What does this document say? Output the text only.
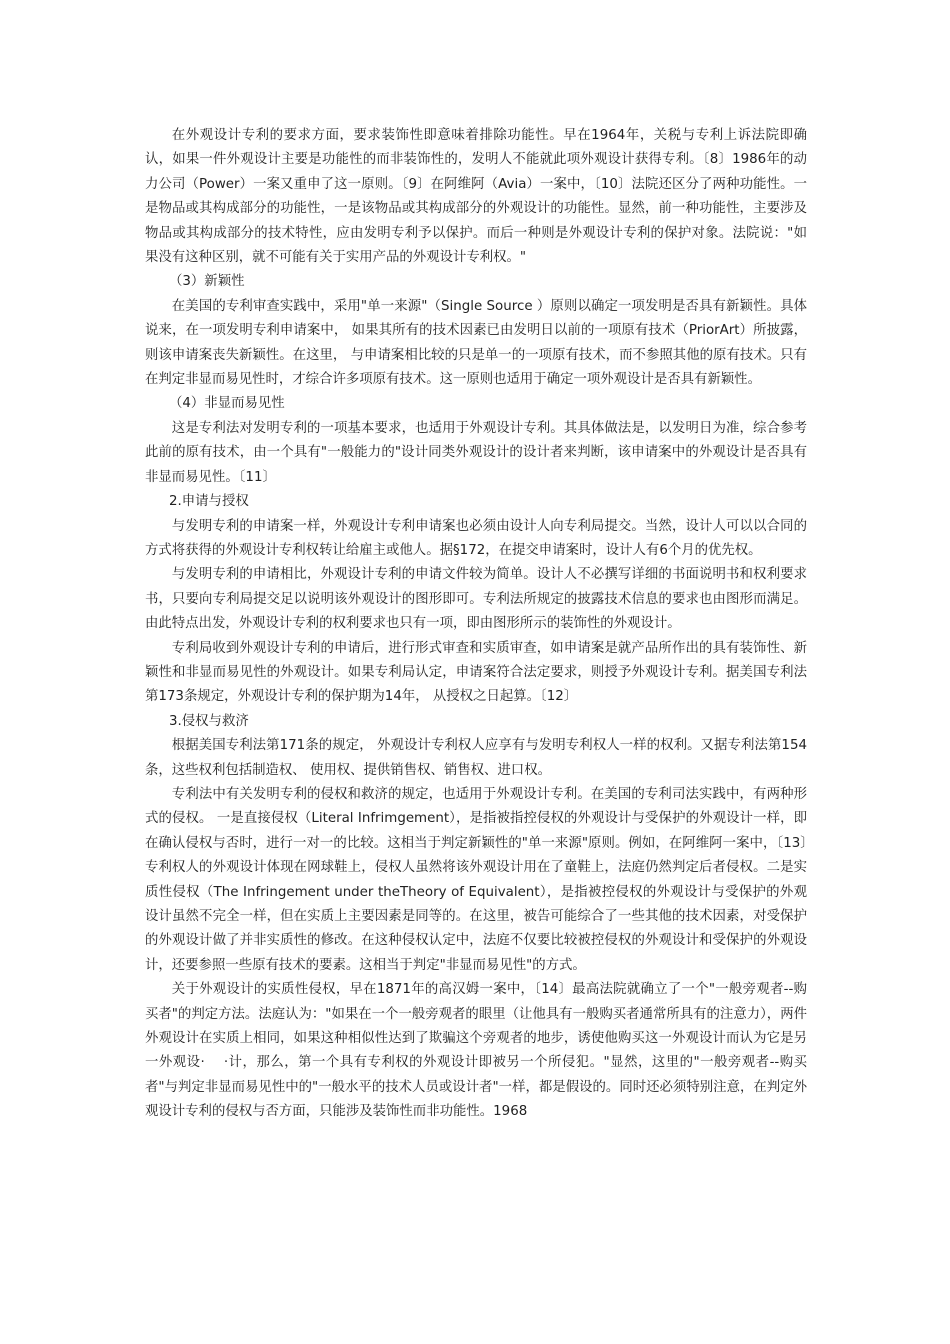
在外观设计专利的要求方面，要求装饰性即意味着排除功能性。早在1964年，关税与专利上诉法院即确认，如果一件外观设计主要是功能性的而非装饰性的，发明人不能就此项外观设计获得专利。〔8〕1986年的动力公司（Power）一案又重申了这一原则。〔9〕在阿维阿（Avia）一案中，〔10〕法院还区分了两种功能性。一是物品或其构成部分的功能性，一是该物品或其构成部分的外观设计的功能性。显然，前一种功能性，主要涉及物品或其构成部分的技术特性，应由发明专利予以保护。而后一种则是外观设计专利的保护对象。法院说："如果没有这种区别，就不可能有关于实用产品的外观设计专利权。"

（3）新颖性

在美国的专利审查实践中，采用"单一来源"（Single Source ）原则以确定一项发明是否具有新颖性。具体说来，在一项发明专利申请案中， 如果其所有的技术因素已由发明日以前的一项原有技术（PriorArt）所披露，则该申请案丧失新颖性。在这里， 与申请案相比较的只是单一的一项原有技术，而不参照其他的原有技术。只有在判定非显而易见性时，才综合许多项原有技术。这一原则也适用于确定一项外观设计是否具有新颖性。

（4）非显而易见性

这是专利法对发明专利的一项基本要求，也适用于外观设计专利。其具体做法是，以发明日为准，综合参考此前的原有技术，由一个具有"一般能力的"设计同类外观设计的设计者来判断，该申请案中的外观设计是否具有非显而易见性。〔11〕

2.申请与授权

与发明专利的申请案一样，外观设计专利申请案也必须由设计人向专利局提交。当然，设计人可以以合同的方式将获得的外观设计专利权转让给雇主或他人。据§172，在提交申请案时，设计人有6个月的优先权。

与发明专利的申请相比，外观设计专利的申请文件较为简单。设计人不必撰写详细的书面说明书和权利要求书，只要向专利局提交足以说明该外观设计的图形即可。专利法所规定的披露技术信息的要求也由图形而满足。由此特点出发，外观设计专利的权利要求也只有一项，即由图形所示的装饰性的外观设计。

专利局收到外观设计专利的申请后，进行形式审查和实质审查，如申请案是就产品所作出的具有装饰性、新颖性和非显而易见性的外观设计。如果专利局认定，申请案符合法定要求，则授予外观设计专利。据美国专利法第173条规定，外观设计专利的保护期为14年， 从授权之日起算。〔12〕

3.侵权与救济

根据美国专利法第171条的规定， 外观设计专利权人应享有与发明专利权人一样的权利。又据专利法第154条，这些权利包括制造权、 使用权、提供销售权、销售权、进口权。

专利法中有关发明专利的侵权和救济的规定，也适用于外观设计专利。在美国的专利司法实践中，有两种形式的侵权。 一是直接侵权（Literal Infrimgement），是指被指控侵权的外观设计与受保护的外观设计一样，即在确认侵权与否时，进行一对一的比较。这相当于判定新颖性的"单一来源"原则。例如，在阿维阿一案中，〔13〕专利权人的外观设计体现在网球鞋上，侵权人虽然将该外观设计用在了童鞋上，法庭仍然判定后者侵权。二是实质性侵权（The Infringement under theTheory of Equivalent），是指被控侵权的外观设计与受保护的外观设计虽然不完全一样，但在实质上主要因素是同等的。在这里，被告可能综合了一些其他的技术因素，对受保护的外观设计做了并非实质性的修改。在这种侵权认定中，法庭不仅要比较被控侵权的外观设计和受保护的外观设计，还要参照一些原有技术的要素。这相当于判定"非显而易见性"的方式。

关于外观设计的实质性侵权，早在1871年的高汉姆一案中，〔14〕最高法院就确立了一个"一般旁观者--购买者"的判定方法。法庭认为："如果在一个一般旁观者的眼里（让他具有一般购买者通常所具有的注意力），两件外观设计在实质上相同，如果这种相似性达到了欺骗这个旁观者的地步，诱使他购买这一外观设计而认为它是另一外观设·　 ·计，那么，第一个具有专利权的外观设计即被另一个所侵犯。"显然，这里的"一般旁观者--购买者"与判定非显而易见性中的"一般水平的技术人员或设计者"一样，都是假设的。同时还必须特别注意，在判定外观设计专利的侵权与否方面，只能涉及装饰性而非功能性。1968
